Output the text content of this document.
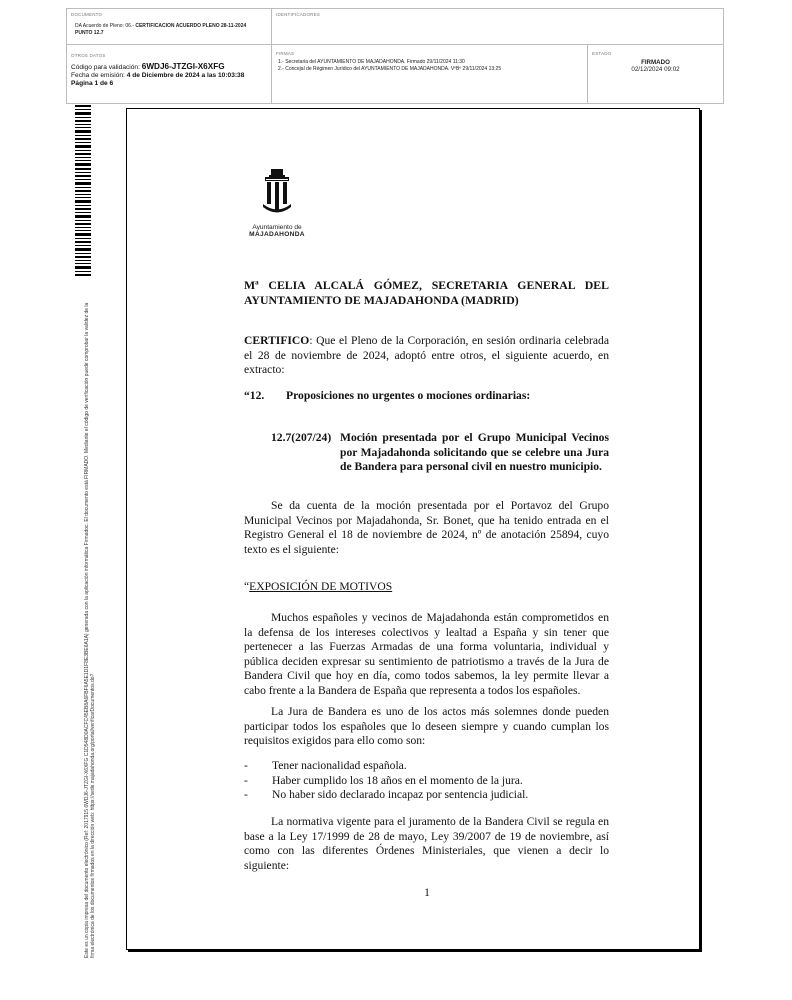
DOCUMENTO
DA Acuerdo de Pleno: 06.- CERTIFICACION ACUERDO PLENO 28-11-2024
PUNTO 12.7
IDENTIFICADORES
OTROS DATOS
Código para validación: 6WDJ6-JTZGI-X6XFG
Fecha de emisión: 4 de Diciembre de 2024 a las 10:03:38
Página 1 de 6
FIRMAS
1.- Secretaria del AYUNTAMIENTO DE MAJADAHONDA. Firmado 29/11/2024 11:30
2.- Concejal de Régimen Jurídico del AYUNTAMIENTO DE MAJADAHONDA. VºBº 29/11/2024 13:25
ESTADO
FIRMADO
02/12/2024 09:02
Este es un copia impresa del documento electrónico (Ref: 2017915 6WDJ6-JTZGI-X6XFG C1D548D0ACFC45EB8A6FBF6A5E1D1F8E3BE6A1A) generada con la aplicación informática Firmadoc. El documento está FIRMADO. Mediante el código de verificación puede comprobar la validez de la firma electrónica de los documentos firmados en la dirección web: https://sede.majadahonda.org/portal/verificarDocumentos.do?
Ayuntamiento de
MAJADAHONDA
Mª CELIA ALCALÁ GÓMEZ, SECRETARIA GENERAL DEL AYUNTAMIENTO DE MAJADAHONDA (MADRID)
CERTIFICO: Que el Pleno de la Corporación, en sesión ordinaria celebrada el 28 de noviembre de 2024, adoptó entre otros, el siguiente acuerdo, en extracto:
“12. Proposiciones no urgentes o mociones ordinarias:
12.7(207/24) Moción presentada por el Grupo Municipal Vecinos por Majadahonda solicitando que se celebre una Jura de Bandera para personal civil en nuestro municipio.
Se da cuenta de la moción presentada por el Portavoz del Grupo Municipal Vecinos por Majadahonda, Sr. Bonet, que ha tenido entrada en el Registro General el 18 de noviembre de 2024, nº de anotación 25894, cuyo texto es el siguiente:
“EXPOSICIÓN DE MOTIVOS
Muchos españoles y vecinos de Majadahonda están comprometidos en la defensa de los intereses colectivos y lealtad a España y sin tener que pertenecer a las Fuerzas Armadas de una forma voluntaria, individual y pública deciden expresar su sentimiento de patriotismo a través de la Jura de Bandera Civil que hoy en día, como todos sabemos, la ley permite llevar a cabo frente a la Bandera de España que representa a todos los españoles.
La Jura de Bandera es uno de los actos más solemnes donde pueden participar todos los españoles que lo deseen siempre y cuando cumplan los requisitos exigidos para ello como son:
- Tener nacionalidad española.
- Haber cumplido los 18 años en el momento de la jura.
- No haber sido declarado incapaz por sentencia judicial.
La normativa vigente para el juramento de la Bandera Civil se regula en base a la Ley 17/1999 de 28 de mayo, Ley 39/2007 de 19 de noviembre, así como con las diferentes Órdenes Ministeriales, que vienen a decir lo siguiente:
1
